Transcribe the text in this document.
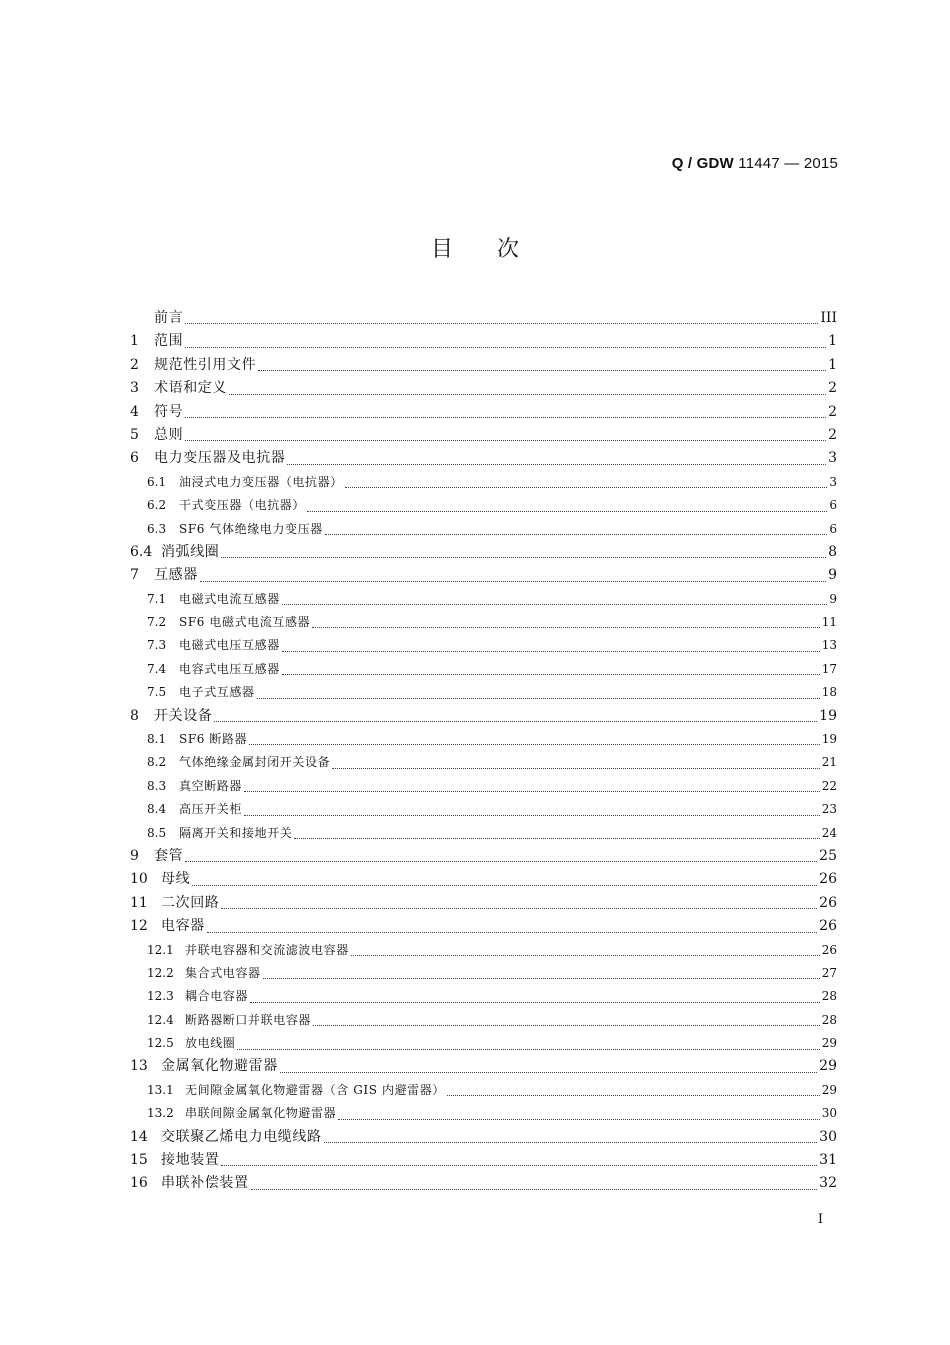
Q / GDW 11447 — 2015
目次
前言	III
1	范围	1
2	规范性引用文件	1
3	术语和定义	2
4	符号	2
5	总则	2
6	电力变压器及电抗器	3
6.1	油浸式电力变压器（电抗器）	3
6.2	干式变压器（电抗器）	6
6.3	SF6 气体绝缘电力变压器	6
6.4 消弧线圈	8
7	互感器	9
7.1	电磁式电流互感器	9
7.2	SF6 电磁式电流互感器	11
7.3	电磁式电压互感器	13
7.4	电容式电压互感器	17
7.5	电子式互感器	18
8	开关设备	19
8.1	SF6 断路器	19
8.2	气体绝缘金属封闭开关设备	21
8.3	真空断路器	22
8.4	高压开关柜	23
8.5	隔离开关和接地开关	24
9	套管	25
10 母线	26
11 二次回路	26
12 电容器	26
12.1 并联电容器和交流滤波电容器	26
12.2 集合式电容器	27
12.3 耦合电容器	28
12.4 断路器断口并联电容器	28
12.5 放电线圈	29
13 金属氧化物避雷器	29
13.1 无间隙金属氧化物避雷器（含 GIS 内避雷器）	29
13.2 串联间隙金属氧化物避雷器	30
14 交联聚乙烯电力电缆线路	30
15 接地装置	31
16 串联补偿装置	32
I
